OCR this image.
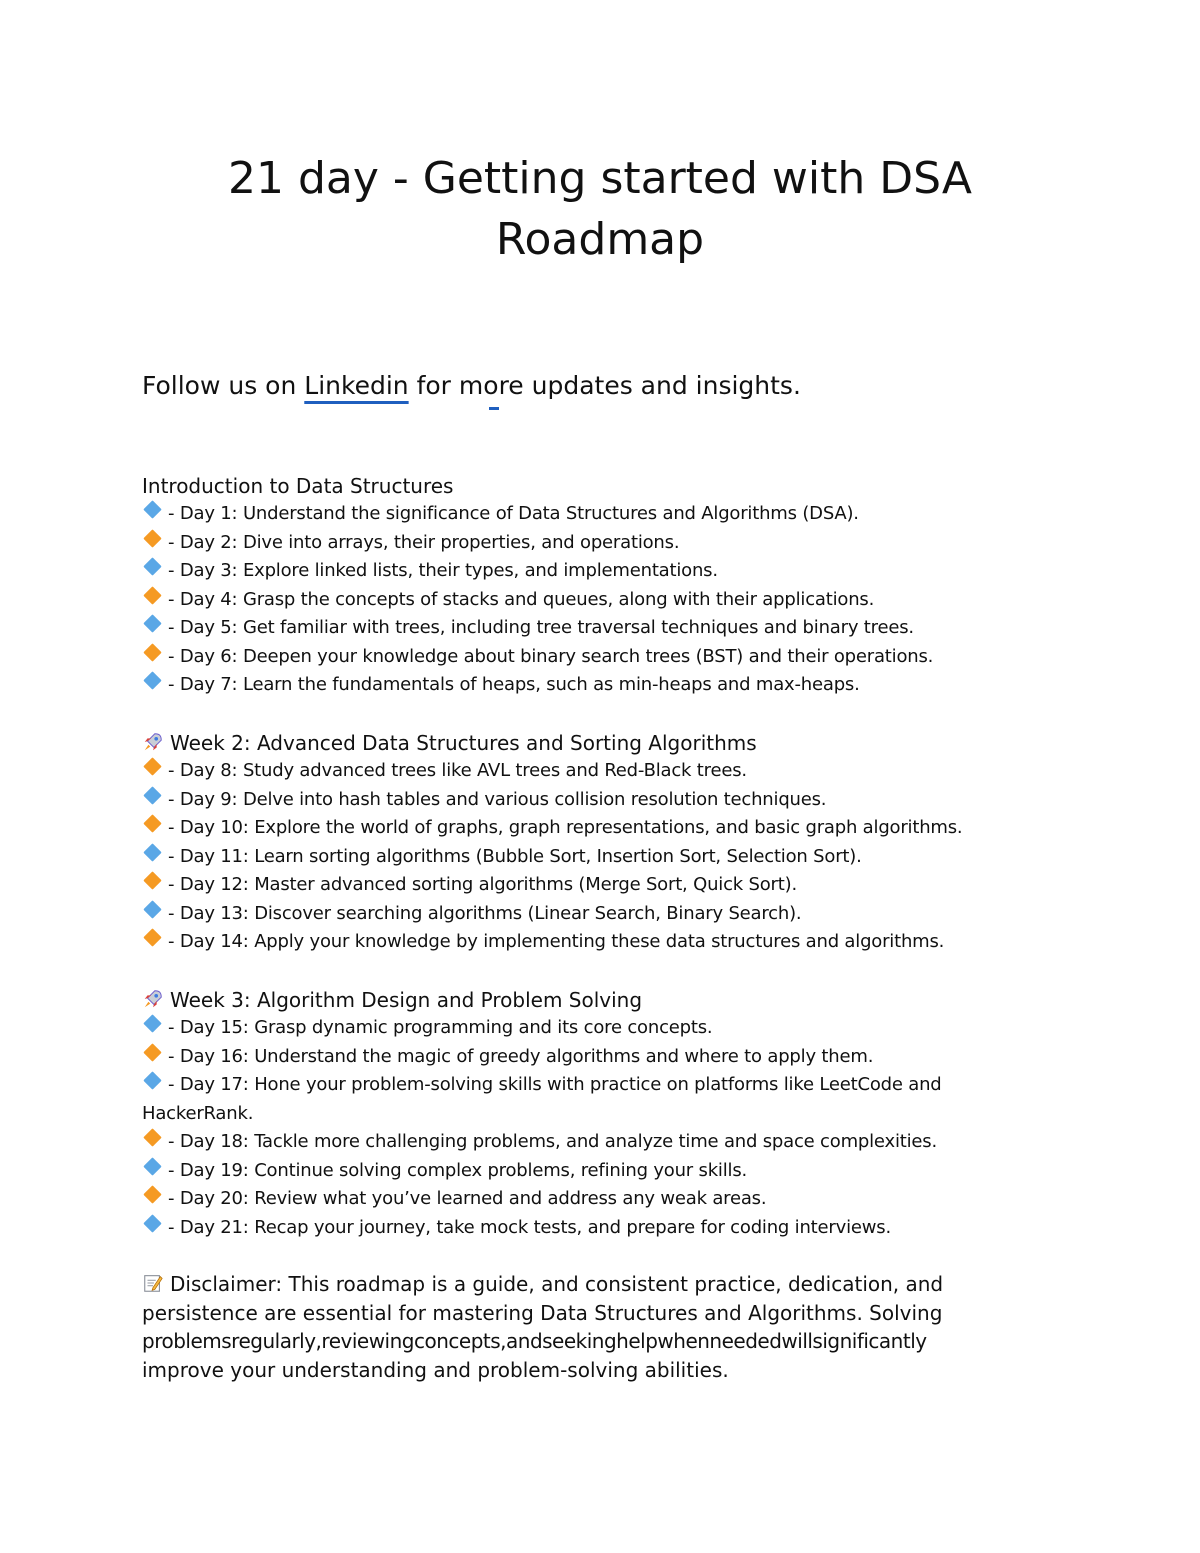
21 day - Getting started with DSA
Roadmap
Follow us on Linkedin for more updates and insights.
Introduction to Data Structures
- Day 1: Understand the significance of Data Structures and Algorithms (DSA).
- Day 2: Dive into arrays, their properties, and operations.
- Day 3: Explore linked lists, their types, and implementations.
- Day 4: Grasp the concepts of stacks and queues, along with their applications.
- Day 5: Get familiar with trees, including tree traversal techniques and binary trees.
- Day 6: Deepen your knowledge about binary search trees (BST) and their operations.
- Day 7: Learn the fundamentals of heaps, such as min-heaps and max-heaps.
Week 2: Advanced Data Structures and Sorting Algorithms
- Day 8: Study advanced trees like AVL trees and Red-Black trees.
- Day 9: Delve into hash tables and various collision resolution techniques.
- Day 10: Explore the world of graphs, graph representations, and basic graph algorithms.
- Day 11: Learn sorting algorithms (Bubble Sort, Insertion Sort, Selection Sort).
- Day 12: Master advanced sorting algorithms (Merge Sort, Quick Sort).
- Day 13: Discover searching algorithms (Linear Search, Binary Search).
- Day 14: Apply your knowledge by implementing these data structures and algorithms.
Week 3: Algorithm Design and Problem Solving
- Day 15: Grasp dynamic programming and its core concepts.
- Day 16: Understand the magic of greedy algorithms and where to apply them.
- Day 17: Hone your problem-solving skills with practice on platforms like LeetCode and HackerRank.
- Day 18: Tackle more challenging problems, and analyze time and space complexities.
- Day 19: Continue solving complex problems, refining your skills.
- Day 20: Review what you’ve learned and address any weak areas.
- Day 21: Recap your journey, take mock tests, and prepare for coding interviews.
Disclaimer: This roadmap is a guide, and consistent practice, dedication, and
persistence are essential for mastering Data Structures and Algorithms. Solving
problemsregularly,reviewingconcepts,andseekinghelpwhenneededwillsignificantly
improve your understanding and problem-solving abilities.
